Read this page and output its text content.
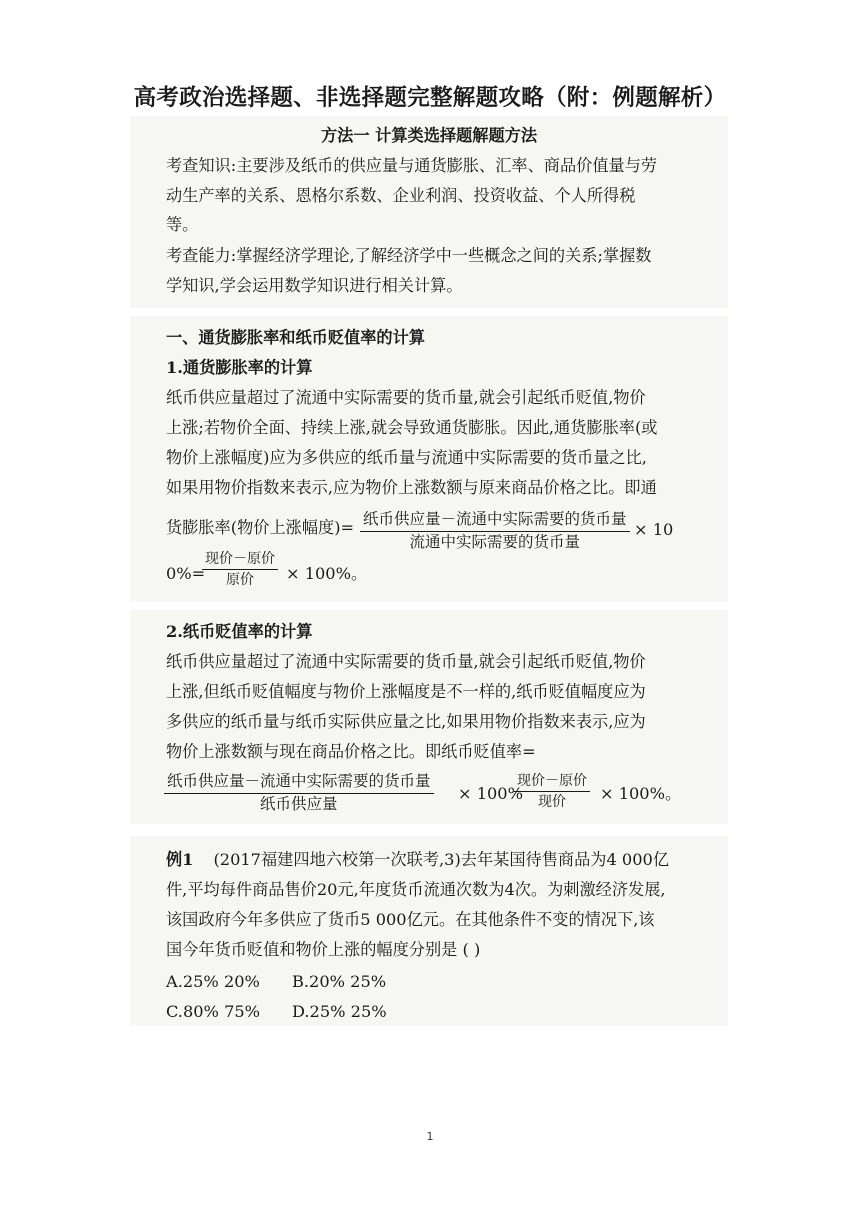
高考政治选择题、非选择题完整解题攻略（附：例题解析）
方法一 计算类选择题解题方法
考查知识:主要涉及纸币的供应量与通货膨胀、汇率、商品价值量与劳
动生产率的关系、恩格尔系数、企业利润、投资收益、个人所得税
等。
考查能力:掌握经济学理论,了解经济学中一些概念之间的关系;掌握数
学知识,学会运用数学知识进行相关计算。
一、通货膨胀率和纸币贬值率的计算
1.通货膨胀率的计算
纸币供应量超过了流通中实际需要的货币量,就会引起纸币贬值,物价
上涨;若物价全面、持续上涨,就会导致通货膨胀。因此,通货膨胀率(或
物价上涨幅度)应为多供应的纸币量与流通中实际需要的货币量之比,
如果用物价指数来表示,应为物价上涨数额与原来商品价格之比。即通
货膨胀率(物价上涨幅度)= 纸币供应量－流通中实际需要的货币量
流通中实际需要的货币量
× 10
0%=
现价－原价
原价 × 100%。
2.纸币贬值率的计算
纸币供应量超过了流通中实际需要的货币量,就会引起纸币贬值,物价
上涨,但纸币贬值幅度与物价上涨幅度是不一样的,纸币贬值幅度应为
多供应的纸币量与纸币实际供应量之比,如果用物价指数来表示,应为
物价上涨数额与现在商品价格之比。即纸币贬值率=
纸币供应量－流通中实际需要的货币量
纸币供应量
× 100%
现价－原价
现价 × 100%。
例1 (2017福建四地六校第一次联考,3)去年某国待售商品为4 000亿
件,平均每件商品售价20元,年度货币流通次数为4次。为刺激经济发展,
该国政府今年多供应了货币5 000亿元。在其他条件不变的情况下,该
国今年货币贬值和物价上涨的幅度分别是 ( )
A.25% 20% B.20% 25%
C.80% 75% D.25% 25%
1
